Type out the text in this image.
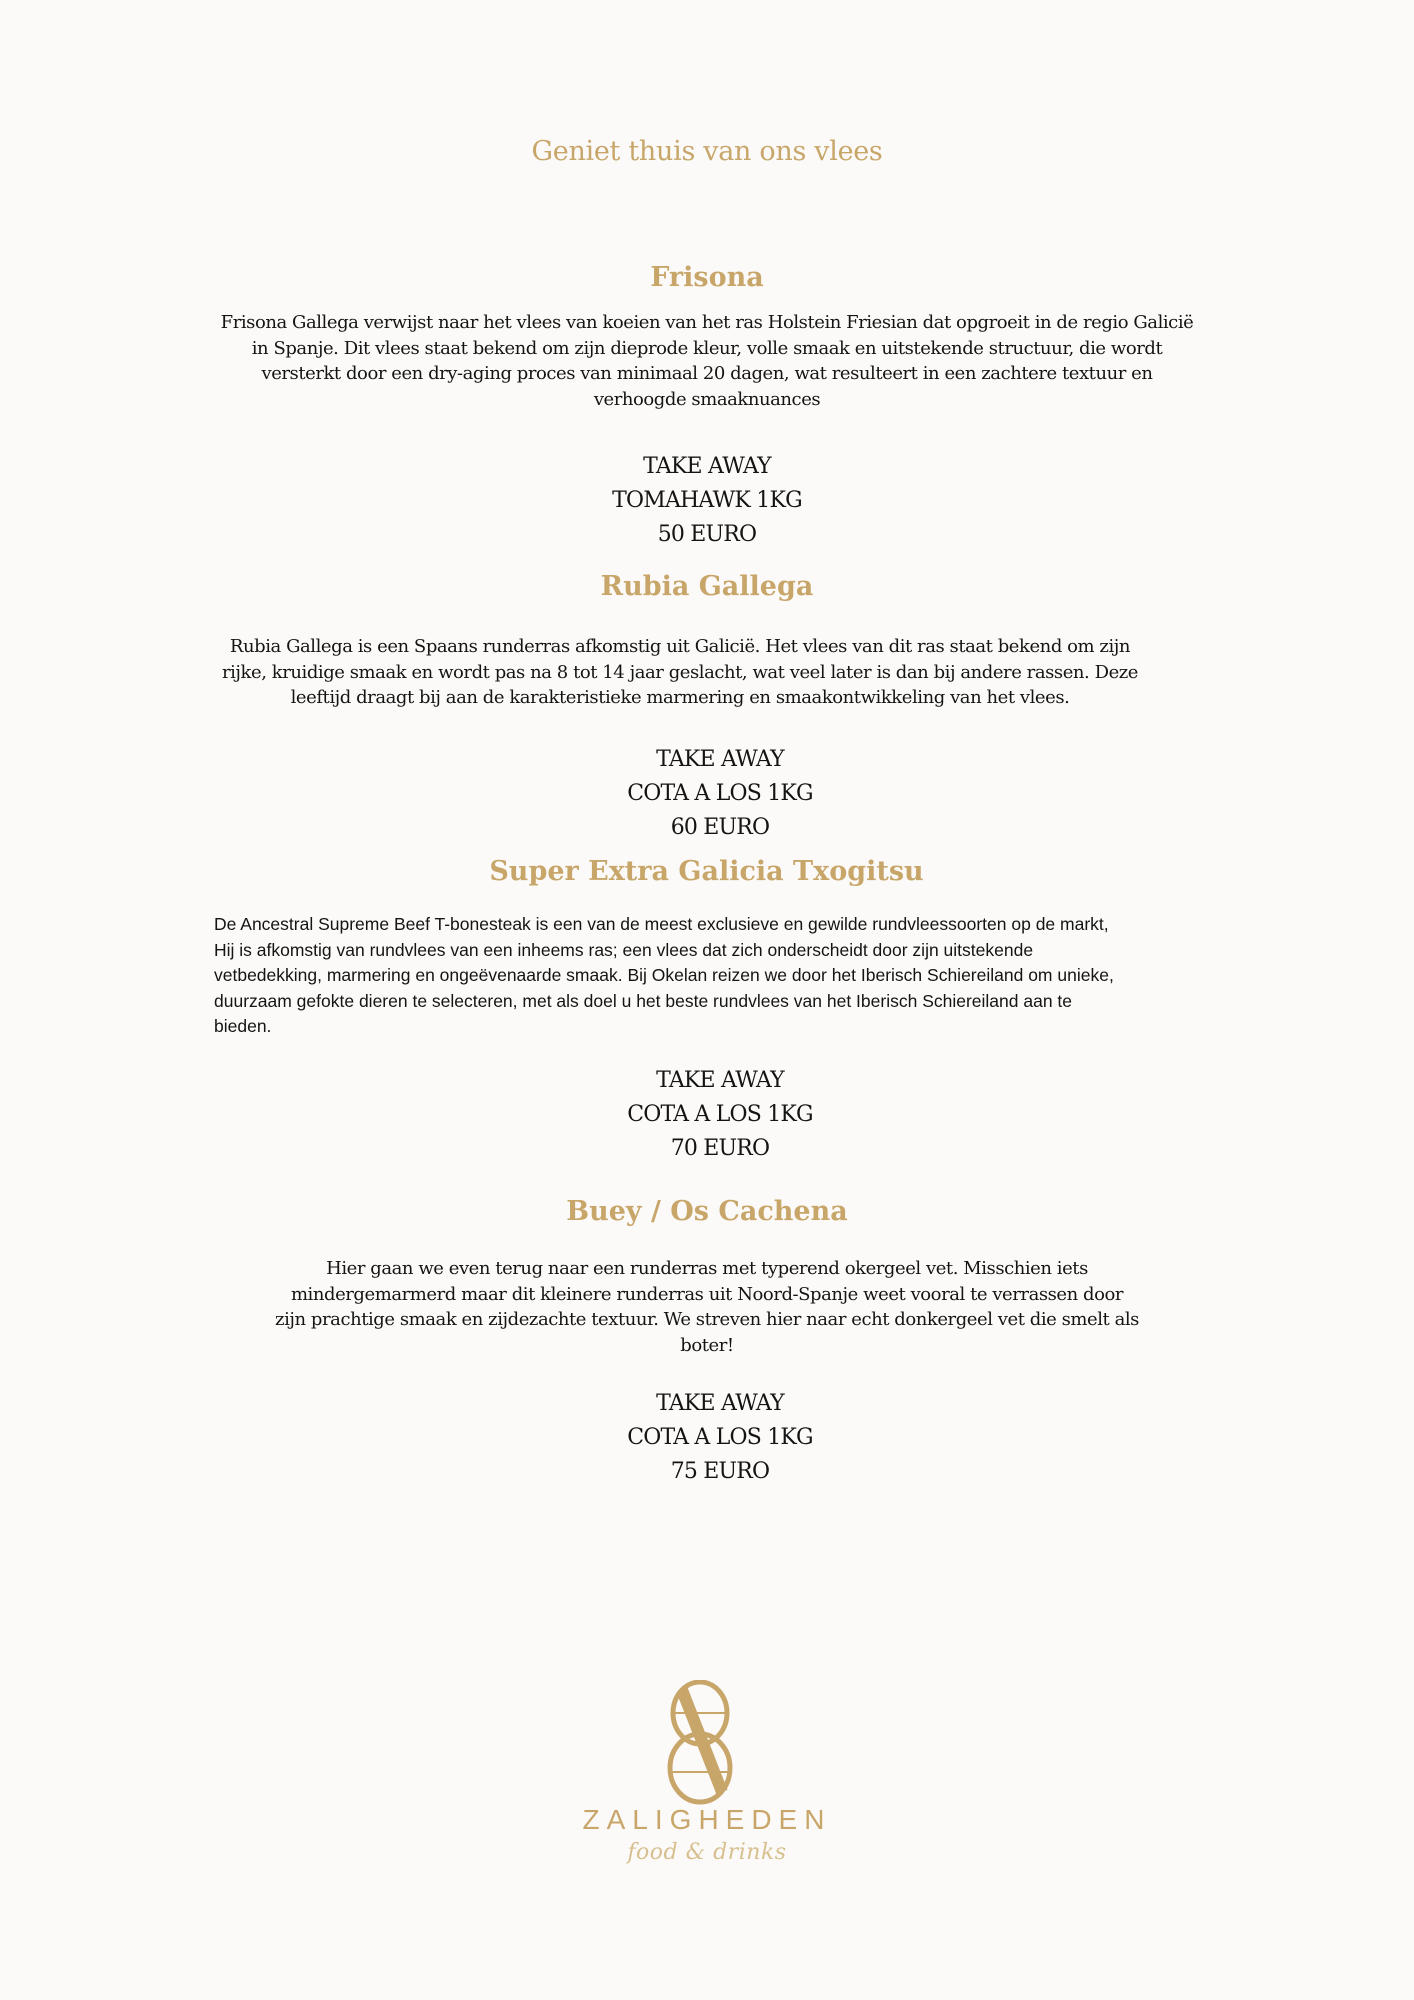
Geniet thuis van ons vlees
Frisona

Frisona Gallega verwijst naar het vlees van koeien van het ras Holstein Friesian dat opgroeit in de regio Galicië
in Spanje. Dit vlees staat bekend om zijn dieprode kleur, volle smaak en uitstekende structuur, die wordt
versterkt door een dry-aging proces van minimaal 20 dagen, wat resulteert in een zachtere textuur en
verhoogde smaaknuances

TAKE AWAY
TOMAHAWK 1KG
50 EURO
Rubia Gallega

Rubia Gallega is een Spaans runderras afkomstig uit Galicië. Het vlees van dit ras staat bekend om zijn
rijke, kruidige smaak en wordt pas na 8 tot 14 jaar geslacht, wat veel later is dan bij andere rassen. Deze
leeftijd draagt bij aan de karakteristieke marmering en smaakontwikkeling van het vlees.

TAKE AWAY
COTA A LOS 1KG
60 EURO
Super Extra Galicia Txogitsu

De Ancestral Supreme Beef T-bonesteak is een van de meest exclusieve en gewilde rundvleessoorten op de markt,
Hij is afkomstig van rundvlees van een inheems ras; een vlees dat zich onderscheidt door zijn uitstekende
vetbedekking, marmering en ongeëvenaarde smaak. Bij Okelan reizen we door het Iberisch Schiereiland om unieke,
duurzaam gefokte dieren te selecteren, met als doel u het beste rundvlees van het Iberisch Schiereiland aan te
bieden.

TAKE AWAY
COTA A LOS 1KG
70 EURO
Buey / Os Cachena

Hier gaan we even terug naar een runderras met typerend okergeel vet. Misschien iets
mindergemarmerd maar dit kleinere runderras uit Noord-Spanje weet vooral te verrassen door
zijn prachtige smaak en zijdezachte textuur. We streven hier naar echt donkergeel vet die smelt als
boter!

TAKE AWAY
COTA A LOS 1KG
75 EURO
ZALIGHEDEN
food & drinks
